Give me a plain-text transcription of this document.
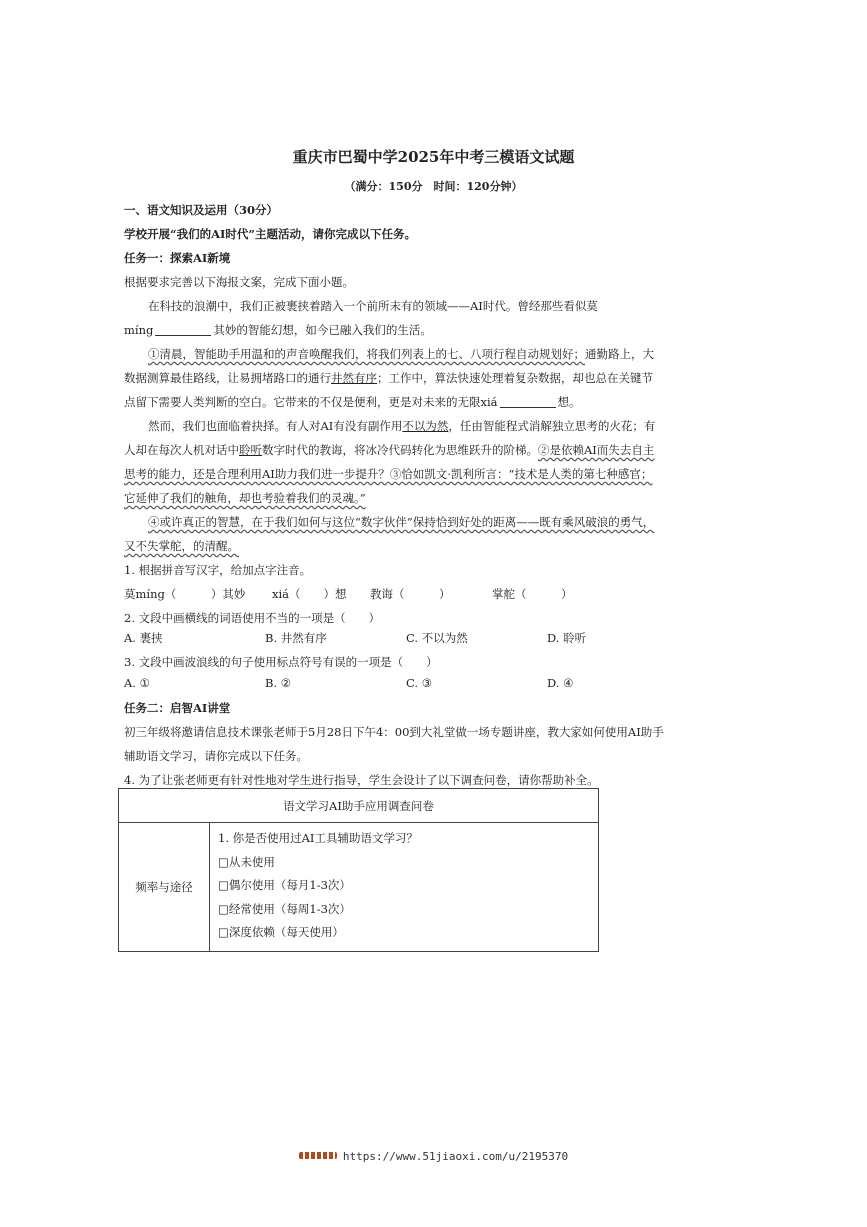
重庆市巴蜀中学2025年中考三模语文试题
（满分：150分　时间：120分钟）
一、语文知识及运用（30分）
学校开展“我们的AI时代”主题活动，请你完成以下任务。
任务一：探索AI新境
根据要求完善以下海报文案，完成下面小题。
在科技的浪潮中，我们正被裹挟着踏入一个前所未有的领域——AI时代。曾经那些看似莫
míng	其妙的智能幻想，如今已融入我们的生活。
①清晨，智能助手用温和的声音唤醒我们，将我们列表上的七、八项行程自动规划好；通勤路上，大
数据测算最佳路线，让易拥堵路口的通行井然有序；工作中，算法快速处理着复杂数据，却也总在关键节
点留下需要人类判断的空白。它带来的不仅是便利，更是对未来的无限xiá	想。
然而，我们也面临着抉择。有人对AI有没有副作用不以为然，任由智能程式消解独立思考的火花；有
人却在每次人机对话中聆听数字时代的教诲，将冰冷代码转化为思维跃升的阶梯。②是依赖AI而失去自主
思考的能力，还是合理利用AI助力我们进一步提升？③恰如凯文·凯利所言：“技术是人类的第七种感官；
它延伸了我们的触角，却也考验着我们的灵魂。”
④或许真正的智慧，在于我们如何与这位“数字伙伴”保持恰到好处的距离——既有乘风破浪的勇气，
又不失掌舵，的清醒。
1. 根据拼音写汉字，给加点字注音。
莫míng（　　　）其妙 xiá（　　）想 教诲（　　　）	掌舵（　　　）
2. 文段中画横线的词语使用不当的一项是（　　）
A. 裹挟	B. 井然有序	C. 不以为然	D. 聆听
3. 文段中画波浪线的句子使用标点符号有误的一项是（　　）
A. ①	B. ②	C. ③	D. ④
任务二：启智AI讲堂
初三年级将邀请信息技术课张老师于5月28日下午4：00到大礼堂做一场专题讲座，教大家如何使用AI助手
辅助语文学习，请你完成以下任务。
4. 为了让张老师更有针对性地对学生进行指导，学生会设计了以下调查问卷，请你帮助补全。
语文学习AI助手应用调查问卷
频率与途径	
1. 你是否使用过AI工具辅助语文学习？
□从未使用
□偶尔使用（每月1-3次）
□经常使用（每周1-3次）
□深度依赖（每天使用）
https://www.51jiaoxi.com/u/2195370
